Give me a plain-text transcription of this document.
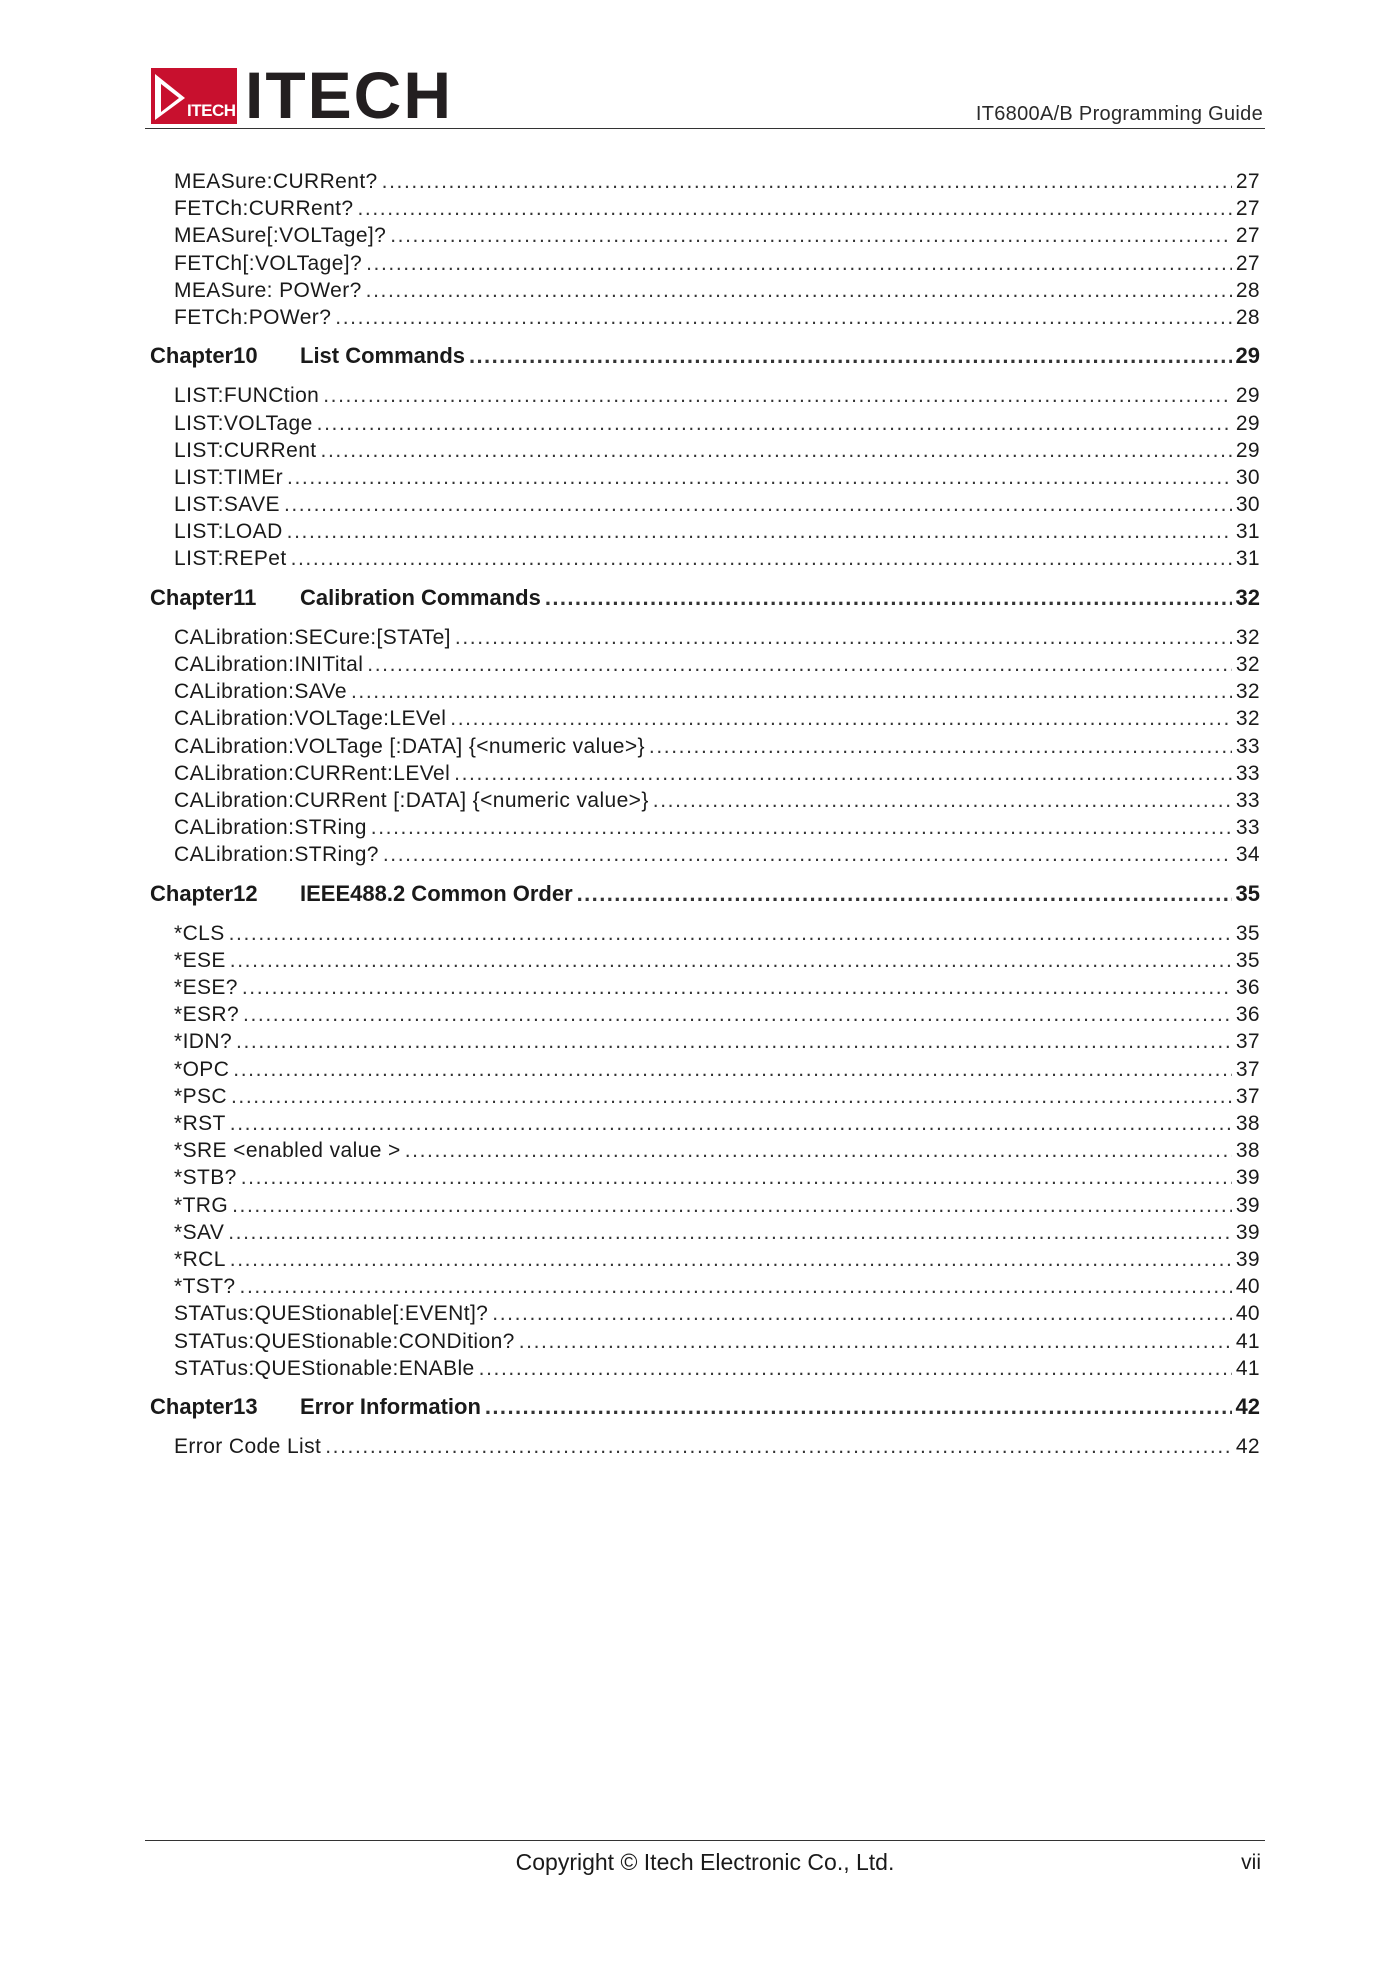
ITECH ITECH	IT6800A/B Programming Guide
MEASure:CURRent? .....	27
FETCh:CURRent? .....	27
MEASure[:VOLTage]? .....	27
FETCh[:VOLTage]? .....	27
MEASure: POWer? .....	28
FETCh:POWer? .....	28
Chapter10	List Commands .....	29
LIST:FUNCtion .....	29
LIST:VOLTage .....	29
LIST:CURRent .....	29
LIST:TIMEr .....	30
LIST:SAVE .....	30
LIST:LOAD .....	31
LIST:REPet .....	31
Chapter11	Calibration Commands .....	32
CALibration:SECure:[STATe] .....	32
CALibration:INITital .....	32
CALibration:SAVe .....	32
CALibration:VOLTage:LEVel .....	32
CALibration:VOLTage [:DATA] {<numeric value>} .....	33
CALibration:CURRent:LEVel .....	33
CALibration:CURRent [:DATA] {<numeric value>} .....	33
CALibration:STRing .....	33
CALibration:STRing? .....	34
Chapter12	IEEE488.2 Common Order .....	35
*CLS .....	35
*ESE .....	35
*ESE? .....	36
*ESR? .....	36
*IDN? .....	37
*OPC .....	37
*PSC .....	37
*RST .....	38
*SRE <enabled value > .....	38
*STB? .....	39
*TRG .....	39
*SAV .....	39
*RCL .....	39
*TST? .....	40
STATus:QUEStionable[:EVENt]? .....	40
STATus:QUEStionable:CONDition? .....	41
STATus:QUEStionable:ENABle .....	41
Chapter13	Error Information .....	42
Error Code List .....	42
Copyright © Itech Electronic Co., Ltd.	vii
